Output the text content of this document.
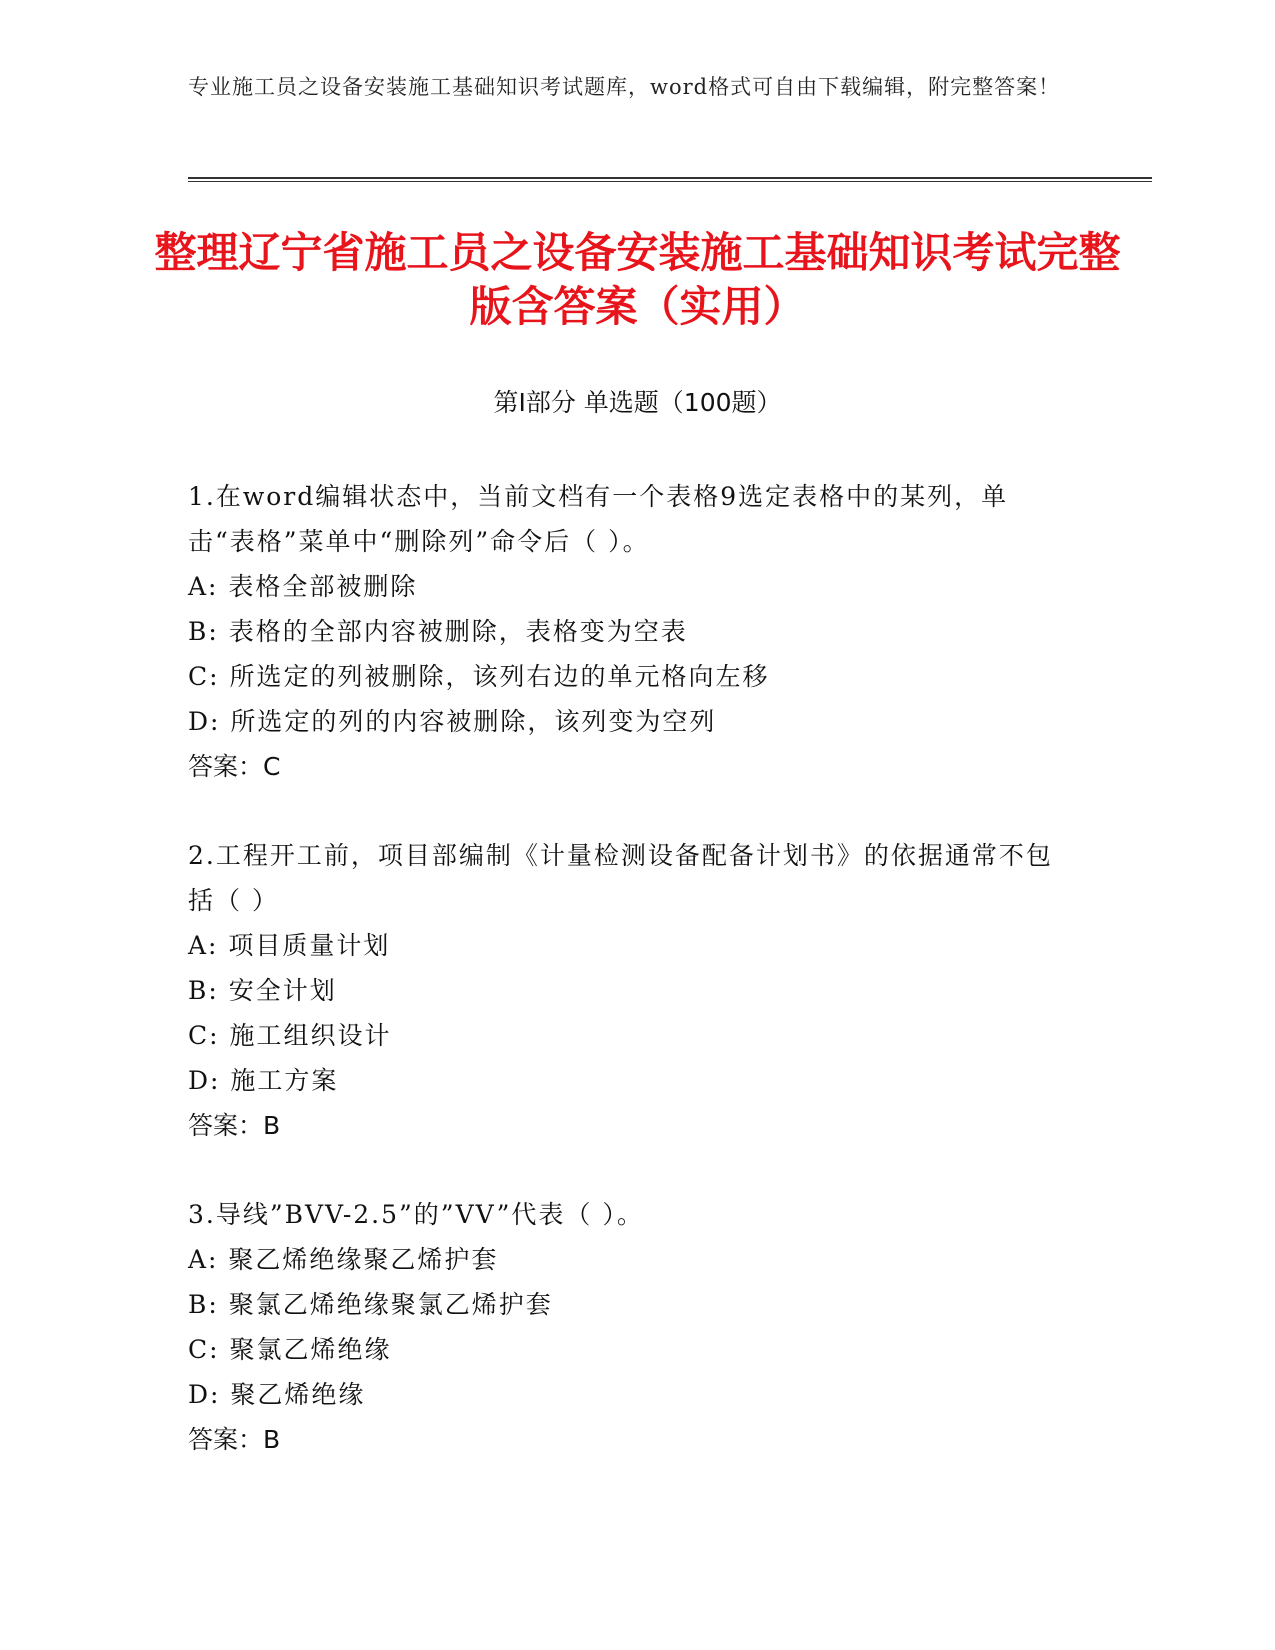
专业施工员之设备安装施工基础知识考试题库，word格式可自由下载编辑，附完整答案！
整理辽宁省施工员之设备安装施工基础知识考试完整版含答案（实用）
第Ⅰ部分 单选题（100题）

1.在word编辑状态中，当前文档有一个表格9选定表格中的某列，单击“表格”菜单中“删除列”命令后（ ）。

A: 表格全部被删除

B: 表格的全部内容被删除，表格变为空表

C: 所选定的列被删除，该列右边的单元格向左移

D: 所选定的列的内容被删除，该列变为空列

答案：C

2.工程开工前，项目部编制《计量检测设备配备计划书》的依据通常不包括（ ）

A: 项目质量计划

B: 安全计划

C: 施工组织设计

D: 施工方案

答案：B

3.导线”BVV-2.5”的”VV”代表（ ）。

A: 聚乙烯绝缘聚乙烯护套

B: 聚氯乙烯绝缘聚氯乙烯护套

C: 聚氯乙烯绝缘

D: 聚乙烯绝缘

答案：B
